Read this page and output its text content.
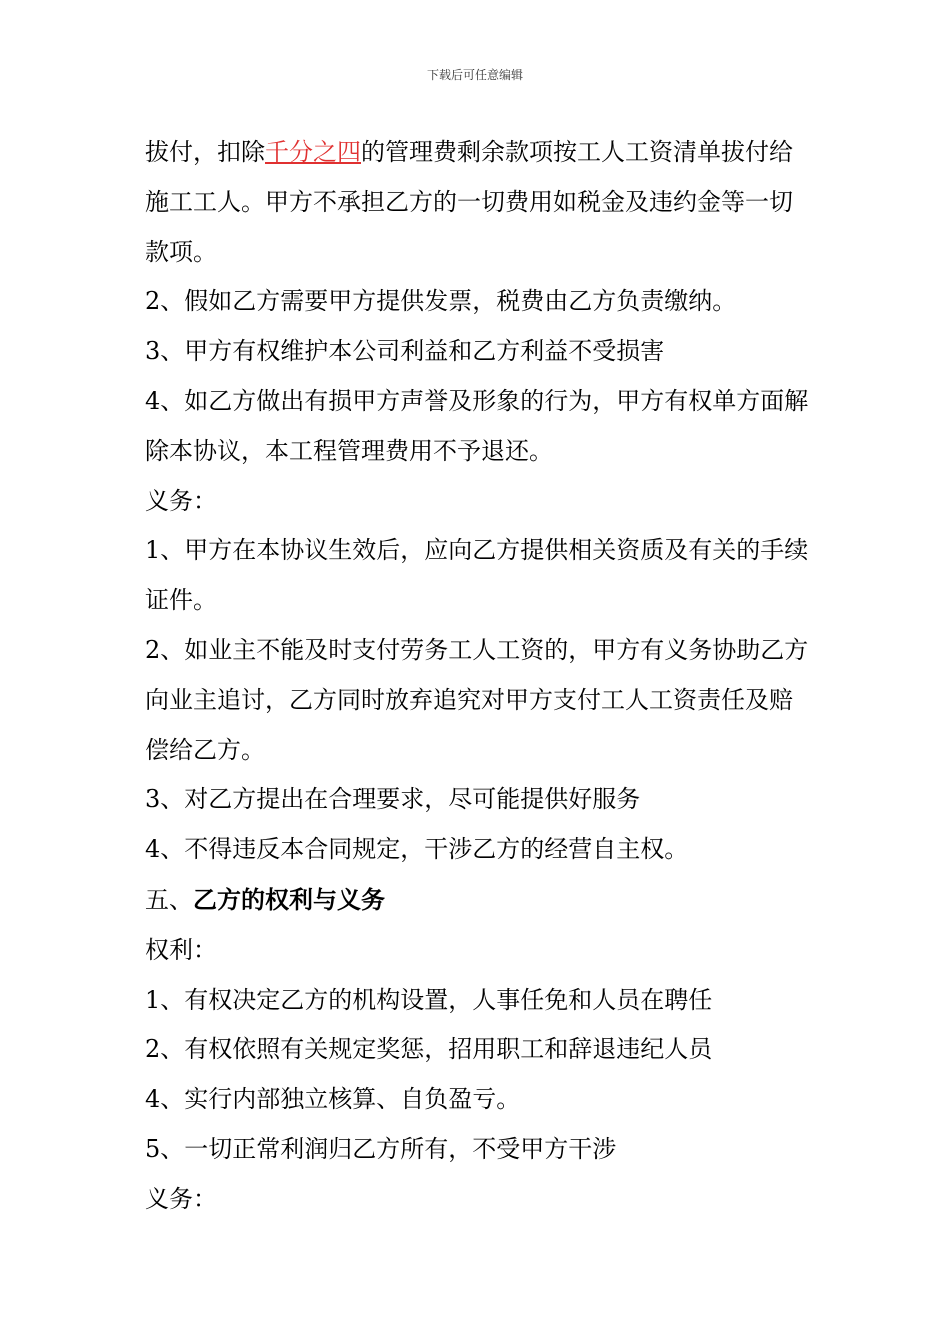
下载后可任意编辑

拔付，扣除千分之四的管理费剩余款项按工人工资清单拔付给施工工人。甲方不承担乙方的一切费用如税金及违约金等一切款项。

2、假如乙方需要甲方提供发票，税费由乙方负责缴纳。

3、甲方有权维护本公司利益和乙方利益不受损害

4、如乙方做出有损甲方声誉及形象的行为，甲方有权单方面解除本协议，本工程管理费用不予退还。

义务：

1、甲方在本协议生效后，应向乙方提供相关资质及有关的手续证件。

2、如业主不能及时支付劳务工人工资的，甲方有义务协助乙方向业主追讨，乙方同时放弃追究对甲方支付工人工资责任及赔偿给乙方。

3、对乙方提出在合理要求，尽可能提供好服务

4、不得违反本合同规定，干涉乙方的经营自主权。

五、乙方的权利与义务

权利：

1、有权决定乙方的机构设置，人事任免和人员在聘任

2、有权依照有关规定奖惩，招用职工和辞退违纪人员

4、实行内部独立核算、自负盈亏。

5、一切正常利润归乙方所有，不受甲方干涉

义务：
